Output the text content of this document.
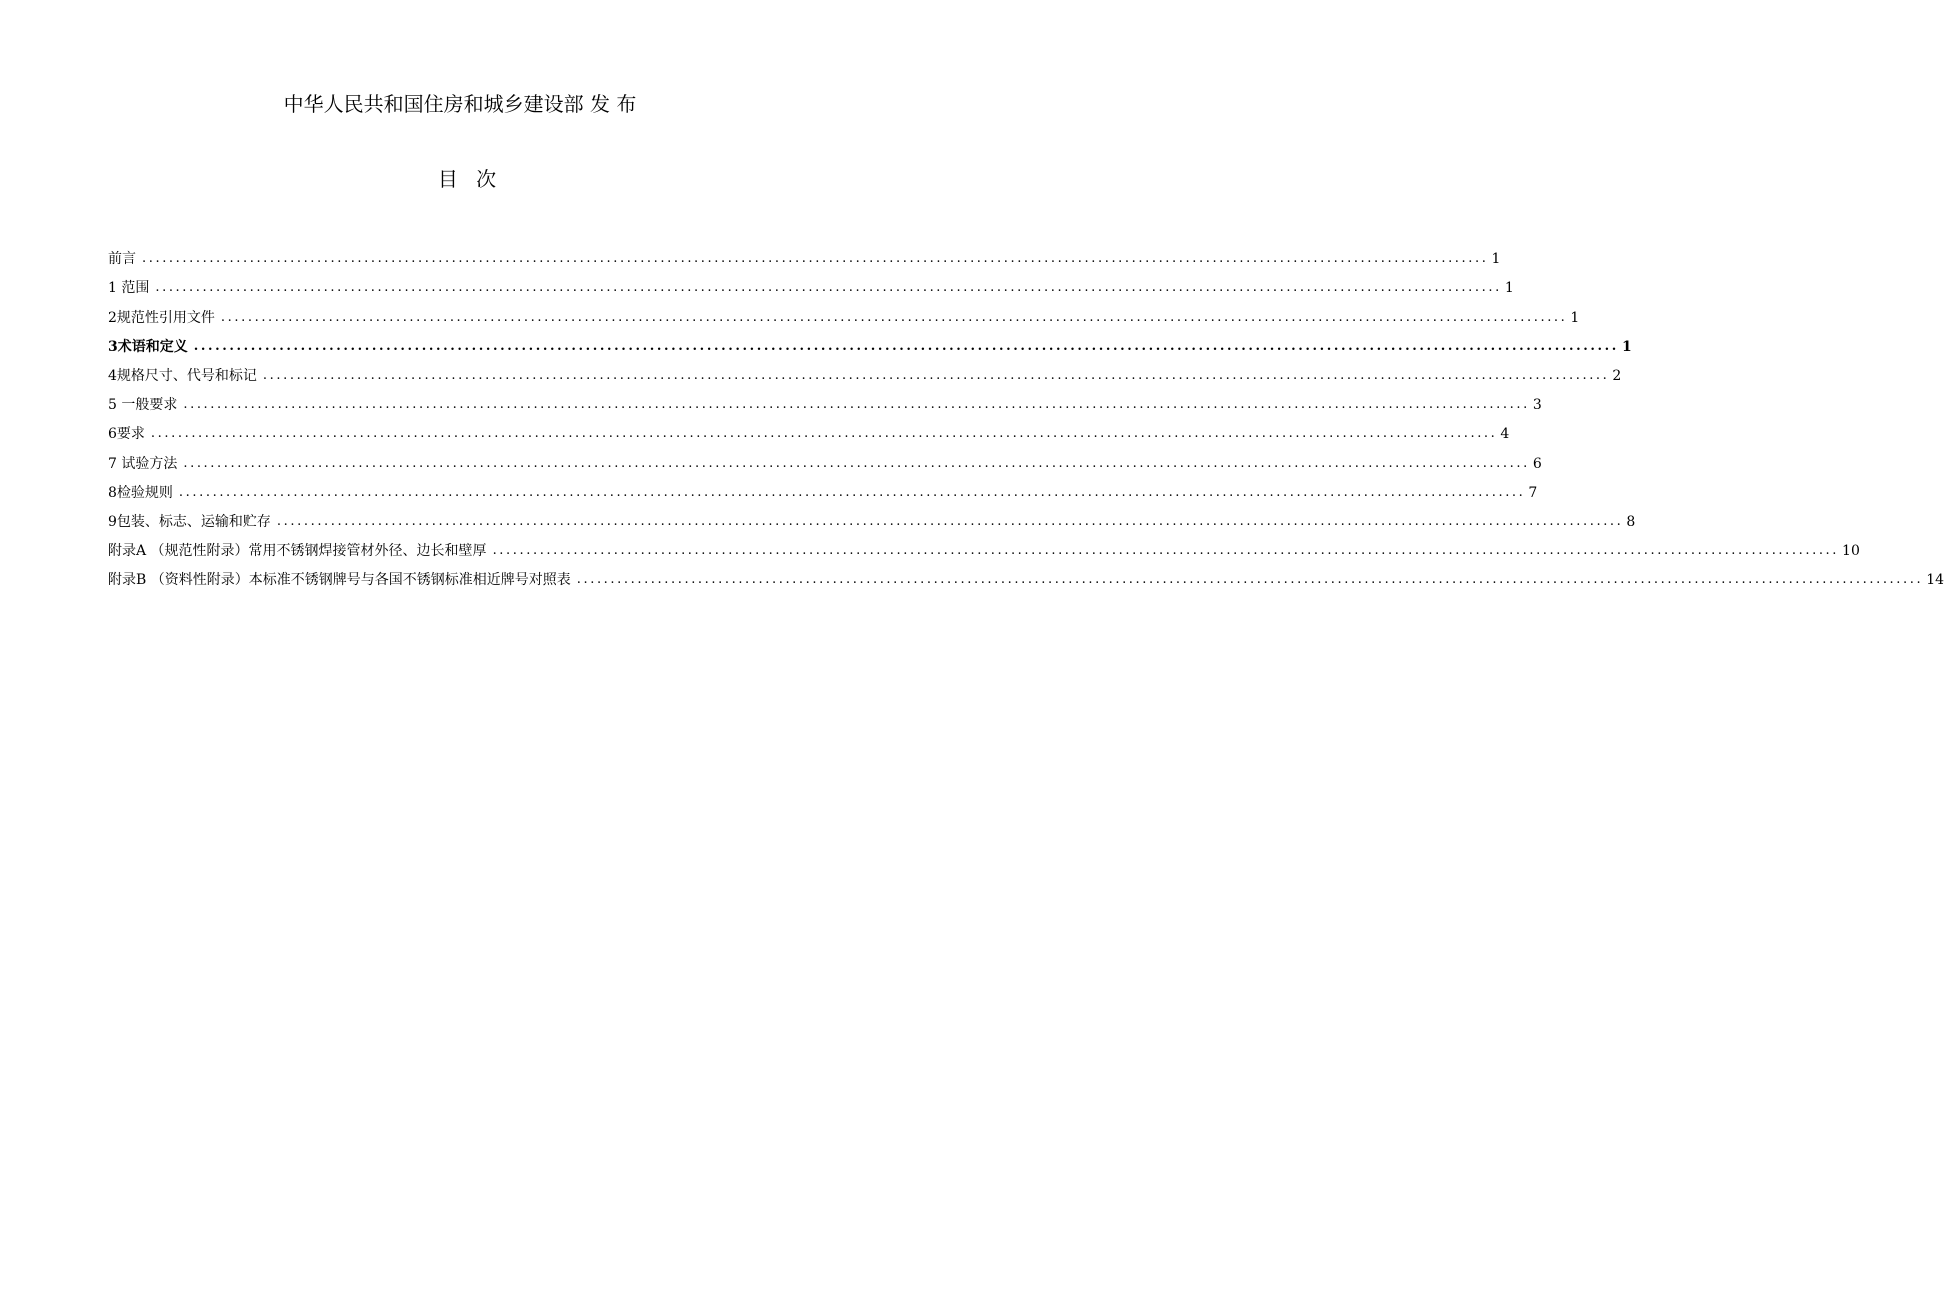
中华人民共和国住房和城乡建设部 发 布
目 次
前言 ........................................................................................................................................................................................................ 1
1 范围 ........................................................................................................................................................................................................ 1
2规范性引用文件 ........................................................................................................................................................................................................ 1
3术语和定义 ........................................................................................................................................................................................................ 1
4规格尺寸、代号和标记 ........................................................................................................................................................................................................ 2
5 一般要求 ........................................................................................................................................................................................................ 3
6要求 ........................................................................................................................................................................................................ 4
7 试验方法 ........................................................................................................................................................................................................ 6
8检验规则 ........................................................................................................................................................................................................ 7
9包装、标志、运输和贮存 ........................................................................................................................................................................................................ 8
附录A （规范性附录）常用不锈钢焊接管材外径、边长和壁厚 ........................................................................................................................................................................................................ 10
附录B （资料性附录）本标准不锈钢牌号与各国不锈钢标准相近牌号对照表 ........................................................................................................................................................................................................ 14
